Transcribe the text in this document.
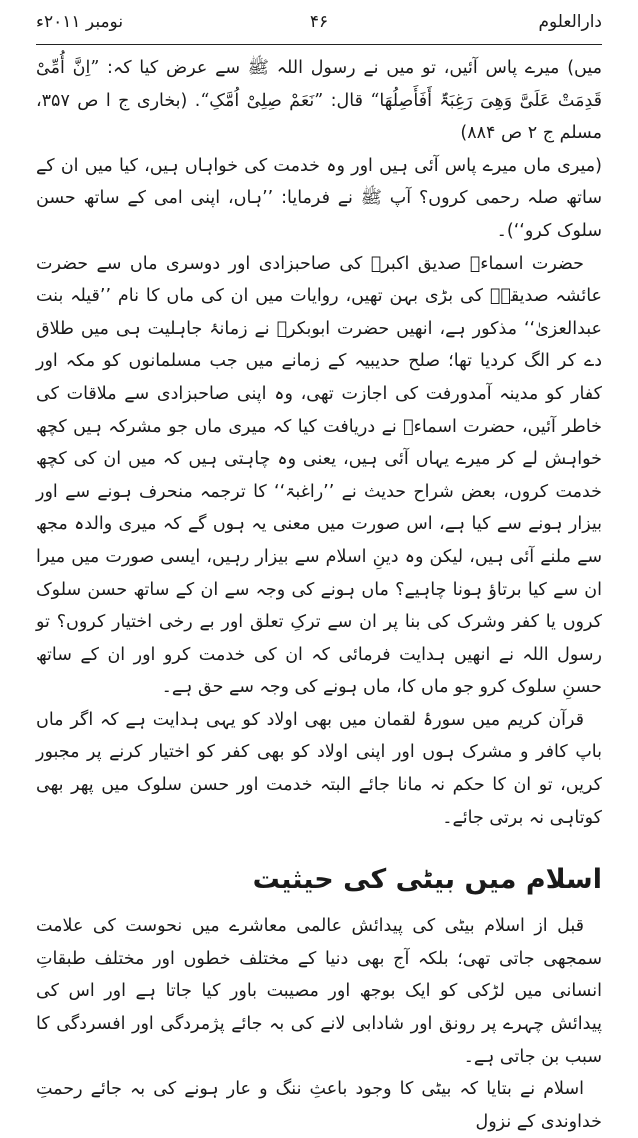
دارالعلوم
۴۶
نومبر ۲۰۱۱ء

میں) میرے پاس آئیں، تو میں نے رسول اللہ ﷺ سے عرض کیا کہ: ”اِنَّ أُمِّیْ قَدِمَتْ عَلَیَّ وَھِیَ رَغِبَۃٌ أَفَأَصِلُھَا“ قال: ”نَعَمْ صِلِیْ اُمَّکِ“. (بخاری ج ا ص ۳۵۷، مسلم ج ۲ ص ۸۸۴)

(میری ماں میرے پاس آئی ہیں اور وہ خدمت کی خواہاں ہیں، کیا میں ان کے ساتھ صلہ رحمی کروں؟ آپ ﷺ نے فرمایا: ’’ہاں، اپنی امی کے ساتھ حسن سلوک کرو‘‘)۔

حضرت اسماءؓ صدیق اکبرؓ کی صاحبزادی اور دوسری ماں سے حضرت عائشہ صدیقہؓ کی بڑی بہن تھیں، روایات میں ان کی ماں کا نام ’’قیلہ بنت عبدالعزیٰ‘‘ مذکور ہے، انھیں حضرت ابوبکرؓ نے زمانۂ جاہلیت ہی میں طلاق دے کر الگ کردیا تھا؛ صلح حدیبیہ کے زمانے میں جب مسلمانوں کو مکہ اور کفار کو مدینہ آمدورفت کی اجازت تھی، وہ اپنی صاحبزادی سے ملاقات کی خاطر آئیں، حضرت اسماءؓ نے دریافت کیا کہ میری ماں جو مشرکہ ہیں کچھ خواہش لے کر میرے یہاں آئی ہیں، یعنی وہ چاہتی ہیں کہ میں ان کی کچھ خدمت کروں، بعض شراح حدیث نے ’’راغبۃ‘‘ کا ترجمہ منحرف ہونے سے اور بیزار ہونے سے کیا ہے، اس صورت میں معنی یہ ہوں گے کہ میری والدہ مجھ سے ملنے آئی ہیں، لیکن وہ دینِ اسلام سے بیزار رہیں، ایسی صورت میں میرا ان سے کیا برتاؤ ہونا چاہیے؟ ماں ہونے کی وجہ سے ان کے ساتھ حسن سلوک کروں یا کفر وشرک کی بنا پر ان سے ترکِ تعلق اور بے رخی اختیار کروں؟ تو رسول اللہ نے انھیں ہدایت فرمائی کہ ان کی خدمت کرو اور ان کے ساتھ حسنِ سلوک کرو جو ماں کا، ماں ہونے کی وجہ سے حق ہے۔

قرآن کریم میں سورۂ لقمان میں بھی اولاد کو یہی ہدایت ہے کہ اگر ماں باپ کافر و مشرک ہوں اور اپنی اولاد کو بھی کفر کو اختیار کرنے پر مجبور کریں، تو ان کا حکم نہ مانا جائے البتہ خدمت اور حسن سلوک میں پھر بھی کوتاہی نہ برتی جائے۔

اسلام میں بیٹی کی حیثیت

قبل از اسلام بیٹی کی پیدائش عالمی معاشرے میں نحوست کی علامت سمجھی جاتی تھی؛ بلکہ آج بھی دنیا کے مختلف خطوں اور مختلف طبقاتِ انسانی میں لڑکی کو ایک بوجھ اور مصیبت باور کیا جاتا ہے اور اس کی پیدائش چہرے پر رونق اور شادابی لانے کی بہ جائے پژمردگی اور افسردگی کا سبب بن جاتی ہے۔

اسلام نے بتایا کہ بیٹی کا وجود باعثِ ننگ و عار ہونے کی بہ جائے رحمتِ خداوندی کے نزول
